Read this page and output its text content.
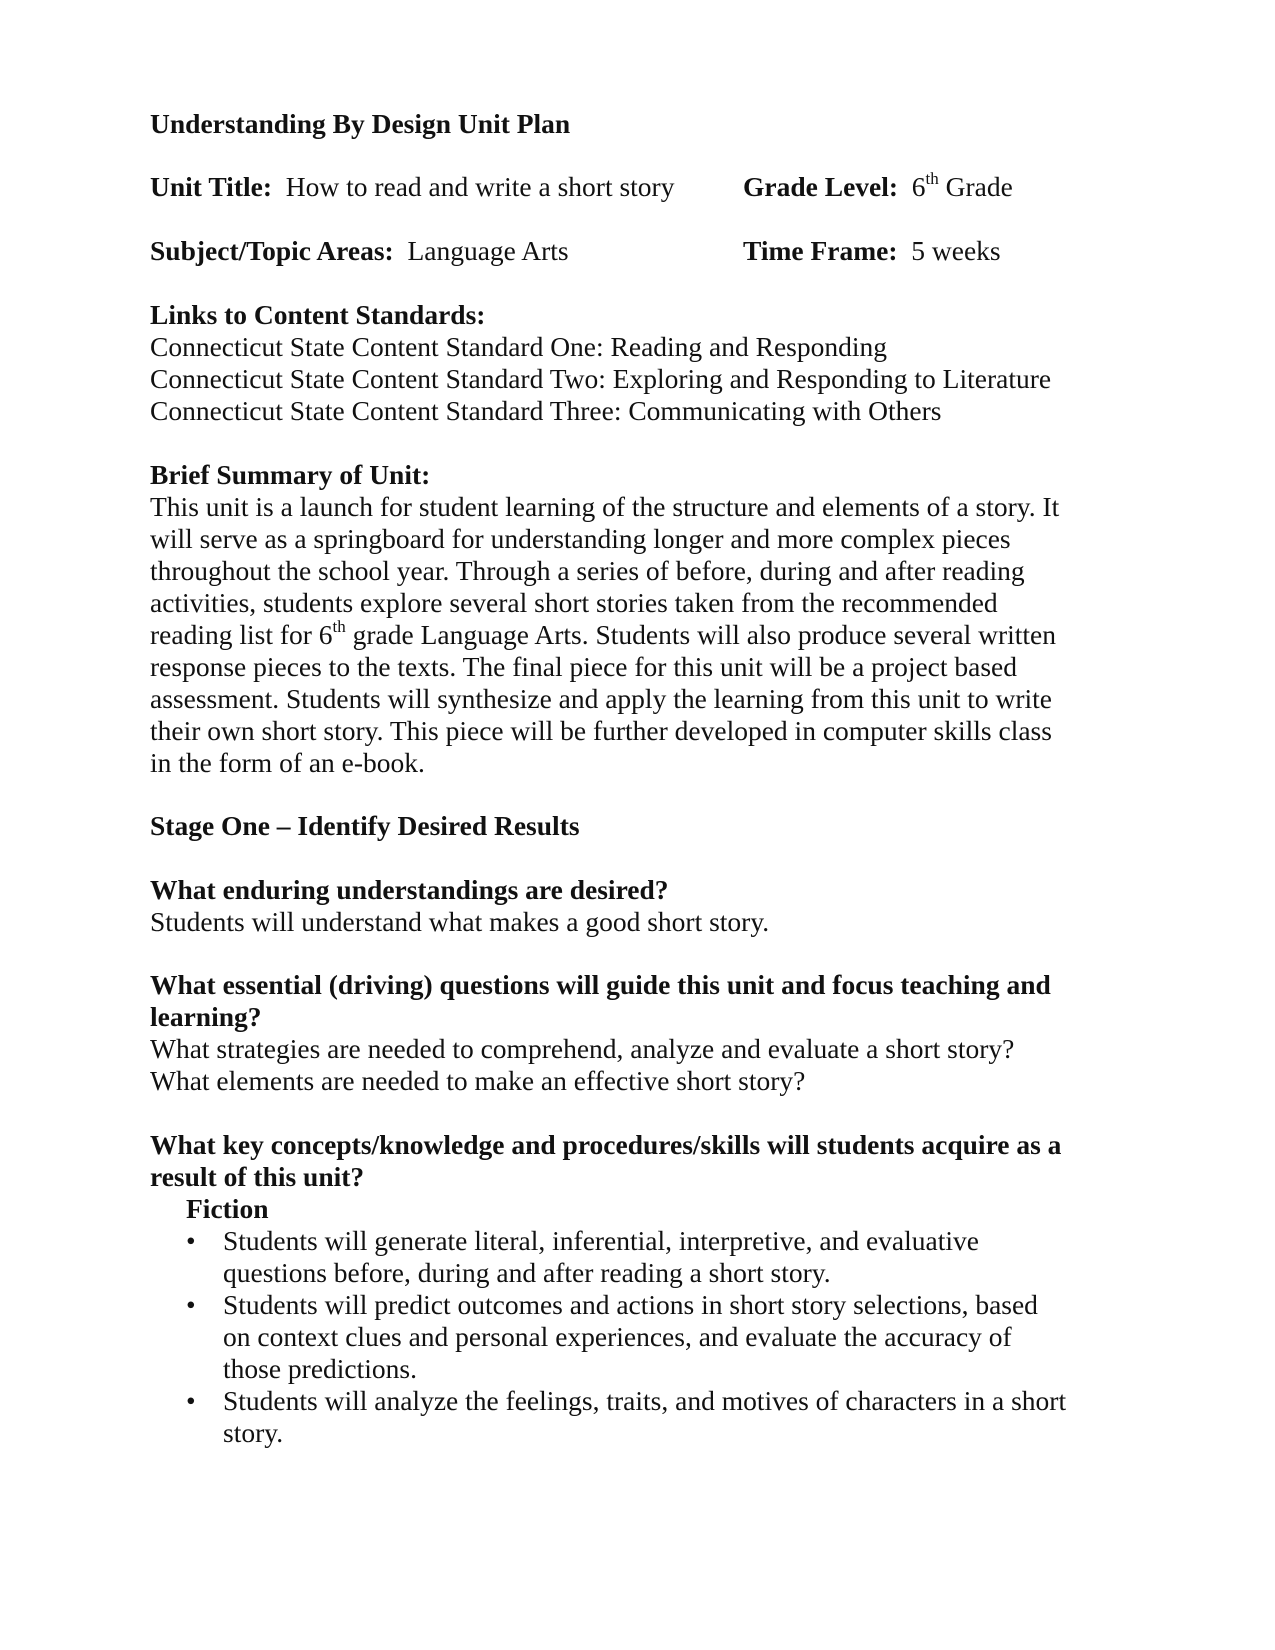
Understanding By Design Unit Plan
Unit Title: How to read and write a short story	Grade Level: 6th Grade
Subject/Topic Areas: Language Arts	Time Frame: 5 weeks
Links to Content Standards:
Connecticut State Content Standard One: Reading and Responding
Connecticut State Content Standard Two: Exploring and Responding to Literature
Connecticut State Content Standard Three: Communicating with Others
Brief Summary of Unit:
This unit is a launch for student learning of the structure and elements of a story. It
will serve as a springboard for understanding longer and more complex pieces
throughout the school year. Through a series of before, during and after reading
activities, students explore several short stories taken from the recommended
reading list for 6th grade Language Arts. Students will also produce several written
response pieces to the texts. The final piece for this unit will be a project based
assessment. Students will synthesize and apply the learning from this unit to write
their own short story. This piece will be further developed in computer skills class
in the form of an e-book.
Stage One – Identify Desired Results
What enduring understandings are desired?
Students will understand what makes a good short story.
What essential (driving) questions will guide this unit and focus teaching and
learning?
What strategies are needed to comprehend, analyze and evaluate a short story?
What elements are needed to make an effective short story?
What key concepts/knowledge and procedures/skills will students acquire as a
result of this unit?
Fiction
• Students will generate literal, inferential, interpretive, and evaluative
questions before, during and after reading a short story.
• Students will predict outcomes and actions in short story selections, based
on context clues and personal experiences, and evaluate the accuracy of
those predictions.
• Students will analyze the feelings, traits, and motives of characters in a short
story.
